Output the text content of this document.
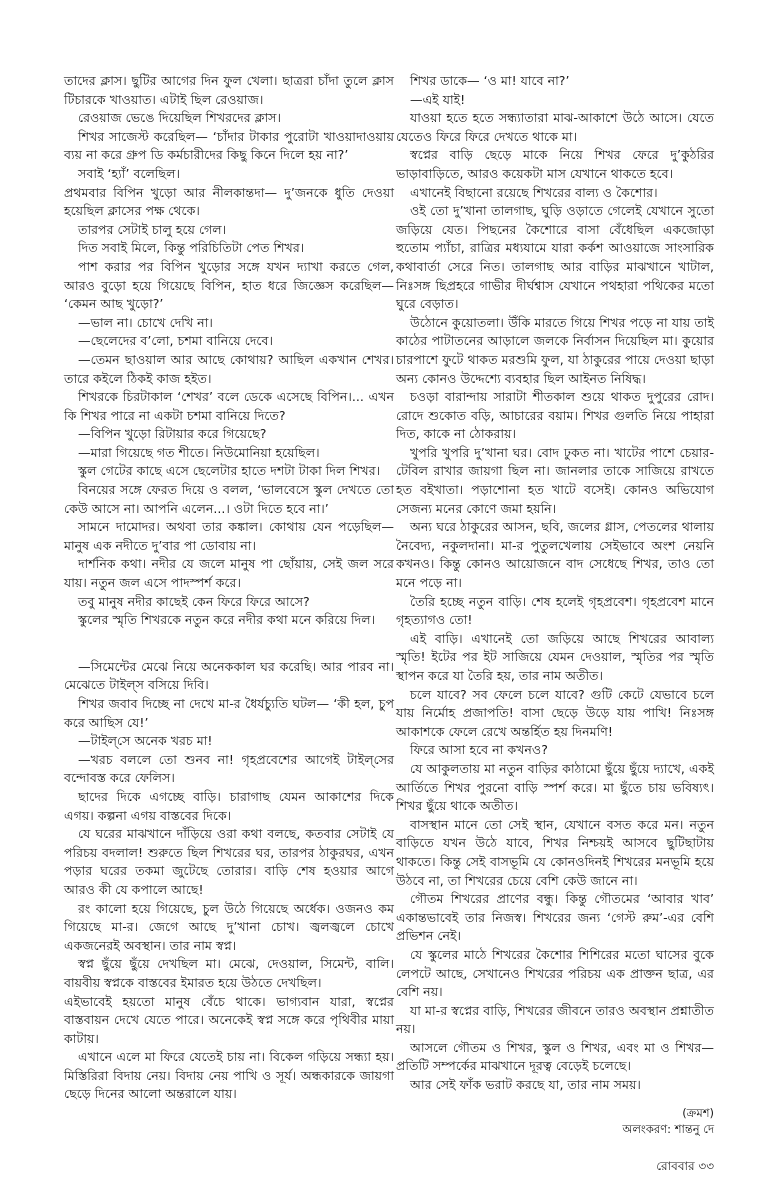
তাদের ক্লাস। ছুটির আগের দিন ফুল খেলা। ছাত্ররা চাঁদা তুলে ক্লাস টিচারকে খাওয়াত। এটাই ছিল রেওয়াজ।

রেওয়াজ ভেঙে দিয়েছিল শিখরদের ক্লাস।

শিখর সাজেস্ট করেছিল— ‘চাঁদার টাকার পুরোটা খাওয়াদাওয়ায় ব্যয় না করে গ্রুপ ডি কর্মচারীদের কিছু কিনে দিলে হয় না?’

সবাই ‘হ্যাঁ’ বলেছিল।

প্রথমবার বিপিন খুড়ো আর নীলকান্তদা— দু’জনকে ধুতি দেওয়া হয়েছিল ক্লাসের পক্ষ থেকে।

তারপর সেটাই চালু হয়ে গেল।

দিত সবাই মিলে, কিন্তু পরিচিতিটা পেত শিখর।

পাশ করার পর বিপিন খুড়োর সঙ্গে যখন দ্যাখা করতে গেল, আরও বুড়ো হয়ে গিয়েছে বিপিন, হাত ধরে জিজ্ঞেস করেছিল— ‘কেমন আছ খুড়ো?’

—ভাল না। চোখে দেখি না।

—ছেলেদের ব’লো, চশমা বানিয়ে দেবে।

—তেমন ছাওয়াল আর আছে কোথায়? আছিল একখান শেখর। তারে কইলে ঠিকই কাজ হইত।

শিখরকে চিরটাকাল ‘শেখর’ বলে ডেকে এসেছে বিপিন।... এখন কি শিখর পারে না একটা চশমা বানিয়ে দিতে?

—বিপিন খুড়ো রিটায়ার করে গিয়েছে?

—মারা গিয়েছে গত শীতে। নিউমোনিয়া হয়েছিল।

স্কুল গেটের কাছে এসে ছেলেটার হাতে দশটা টাকা দিল শিখর।

বিনয়ের সঙ্গে ফেরত দিয়ে ও বলল, ‘ভালবেসে স্কুল দেখতে তো কেউ আসে না। আপনি এলেন...। ওটা দিতে হবে না।’

সামনে দামোদর। অথবা তার কঙ্কাল। কোথায় যেন পড়েছিল— মানুষ এক নদীতে দু’বার পা ডোবায় না।

দার্শনিক কথা। নদীর যে জলে মানুষ পা ছোঁয়ায়, সেই জল সরে যায়। নতুন জল এসে পাদস্পর্শ করে।

তবু মানুষ নদীর কাছেই কেন ফিরে ফিরে আসে?

স্কুলের স্মৃতি শিখরকে নতুন করে নদীর কথা মনে করিয়ে দিল।

—সিমেন্টের মেঝে নিয়ে অনেককাল ঘর করেছি। আর পারব না। মেঝেতে টাইল্‌স বসিয়ে দিবি।

শিখর জবাব দিচ্ছে না দেখে মা-র ধৈর্যচ্যুতি ঘটল— ‘কী হল, চুপ করে আছিস যে!’

—টাইল্‌সে অনেক খরচ মা!

—খরচ বললে তো শুনব না! গৃহপ্রবেশের আগেই টাইল্‌সের বন্দোবস্ত করে ফেলিস।

ছাদের দিকে এগচ্ছে বাড়ি। চারাগাছ যেমন আকাশের দিকে এগয়। কল্পনা এগয় বাস্তবের দিকে।

যে ঘরের মাঝখানে দাঁড়িয়ে ওরা কথা বলছে, কতবার সেটাই যে পরিচয় বদলাল! শুরুতে ছিল শিখরের ঘর, তারপর ঠাকুরঘর, এখন পড়ার ঘরের তকমা জুটেছে তোরার। বাড়ি শেষ হওয়ার আগে আরও কী যে কপালে আছে!

রং কালো হয়ে গিয়েছে, চুল উঠে গিয়েছে অর্ধেক। ওজনও কম গিয়েছে মা-র। জেগে আছে দু’খানা চোখ। জ্বলজ্বলে চোখে একজনেরই অবস্থান। তার নাম স্বপ্ন।

স্বপ্ন ছুঁয়ে ছুঁয়ে দেখছিল মা। মেঝে, দেওয়াল, সিমেন্ট, বালি। বায়বীয় স্বপ্নকে বাস্তবের ইমারত হয়ে উঠতে দেখছিল।

এইভাবেই হয়তো মানুষ বেঁচে থাকে। ভাগ্যবান যারা, স্বপ্নের বাস্তবায়ন দেখে যেতে পারে। অনেকেই স্বপ্ন সঙ্গে করে পৃথিবীর মায়া কাটায়।

এখানে এলে মা ফিরে যেতেই চায় না। বিকেল গড়িয়ে সন্ধ্যা হয়। মিস্তিরিরা বিদায় নেয়। বিদায় নেয় পাখি ও সূর্য। অন্ধকারকে জায়গা ছেড়ে দিনের আলো অন্তরালে যায়।

শিখর ডাকে— ‘ও মা! যাবে না?’

—এই যাই!

যাওয়া হতে হতে সন্ধ্যাতারা মাঝ-আকাশে উঠে আসে। যেতে যেতেও ফিরে ফিরে দেখতে থাকে মা।

স্বপ্নের বাড়ি ছেড়ে মাকে নিয়ে শিখর ফেরে দু’কুঠরির ভাড়াবাড়িতে, আরও কয়েকটা মাস যেখানে থাকতে হবে।

এখানেই বিছানো রয়েছে শিখরের বাল্য ও কৈশোর।

ওই তো দু’খানা তালগাছ, ঘুড়ি ওড়াতে গেলেই যেখানে সুতো জড়িয়ে যেত। পিছনের কৈশোরে বাসা বেঁধেছিল একজোড়া হুতোম প্যাঁচা, রাত্রির মধ্যযামে যারা কর্কশ আওয়াজে সাংসারিক কথাবার্তা সেরে নিত। তালগাছ আর বাড়ির মাঝখানে খাটাল, নিঃসঙ্গ ছিপ্রহরে গাভীর দীর্ঘশ্বাস যেখানে পথহারা পথিকের মতো ঘুরে বেড়াত।

উঠোনে কুয়োতলা। উঁকি মারতে গিয়ে শিখর পড়ে না যায় তাই কাঠের পাটাতনের আড়ালে জলকে নির্বাসন দিয়েছিল মা। কুয়োর চারপাশে ফুটে থাকত মরশুমি ফুল, যা ঠাকুরের পায়ে দেওয়া ছাড়া অন্য কোনও উদ্দেশ্যে ব্যবহার ছিল আইনত নিষিদ্ধ।

চওড়া বারান্দায় সারাটা শীতকাল শুয়ে থাকত দুপুরের রোদ। রোদে শুকোত বড়ি, আচারের বয়াম। শিখর গুলতি নিয়ে পাহারা দিত, কাকে না ঠোকরায়।

খুপরি খুপরি দু’খানা ঘর। বোদ ঢুকত না। খাটের পাশে চেয়ার-টেবিল রাখার জায়গা ছিল না। জানলার তাকে সাজিয়ে রাখতে হত বইখাতা। পড়াশোনা হত খাটে বসেই। কোনও অভিযোগ সেজন্য মনের কোণে জমা হয়নি।

অন্য ঘরে ঠাকুরের আসন, ছবি, জলের গ্লাস, পেতলের থালায় নৈবেদ্য, নকুলদানা। মা-র পুতুলখেলায় সেইভাবে অংশ নেয়নি কখনও। কিন্তু কোনও আয়োজনে বাদ সেধেছে শিখর, তাও তো মনে পড়ে না।

তৈরি হচ্ছে নতুন বাড়ি। শেষ হলেই গৃহপ্রবেশ। গৃহপ্রবেশ মানে গৃহত্যাগও তো!

এই বাড়ি। এখানেই তো জড়িয়ে আছে শিখরের আবাল্য স্মৃতি! ইটের পর ইট সাজিয়ে যেমন দেওয়াল, স্মৃতির পর স্মৃতি স্থাপন করে যা তৈরি হয়, তার নাম অতীত।

চলে যাবে? সব ফেলে চলে যাবে? গুটি কেটে যেভাবে চলে যায় নির্মোহ প্রজাপতি! বাসা ছেড়ে উড়ে যায় পাখি! নিঃসঙ্গ আকাশকে ফেলে রেখে অন্তর্হিত হয় দিনমণি!

ফিরে আসা হবে না কখনও?

যে আকুলতায় মা নতুন বাড়ির কাঠামো ছুঁয়ে ছুঁয়ে দ্যাখে, একই আর্তিতে শিখর পুরনো বাড়ি স্পর্শ করে। মা ছুঁতে চায় ভবিষ্যৎ। শিখর ছুঁয়ে থাকে অতীত।

বাসস্থান মানে তো সেই স্থান, যেখানে বসত করে মন। নতুন বাড়িতে যখন উঠে যাবে, শিখর নিশ্চয়ই আসবে ছুটিছাটায় থাকতে। কিন্তু সেই বাসভূমি যে কোনওদিনই শিখরের মনভূমি হয়ে উঠবে না, তা শিখরের চেয়ে বেশি কেউ জানে না।

গৌতম শিখরের প্রাণের বন্ধু। কিন্তু গৌতমের ‘আবার খাব’ একান্তভাবেই তার নিজস্ব। শিখরের জন্য ‘গেস্ট রুম’-এর বেশি প্রভিশন নেই।

যে স্কুলের মাঠে শিখরের কৈশোর শিশিরের মতো ঘাসের বুকে লেপটে আছে, সেখানেও শিখরের পরিচয় এক প্রাক্তন ছাত্র, এর বেশি নয়।

যা মা-র স্বপ্নের বাড়ি, শিখরের জীবনে তারও অবস্থান প্রশ্নাতীত নয়।

আসলে গৌতম ও শিখর, স্কুল ও শিখর, এবং মা ও শিখর— প্রতিটি সম্পর্কের মাঝখানে দূরত্ব বেড়েই চলেছে।

আর সেই ফাঁক ভরাট করছে যা, তার নাম সময়।

(ক্রমশ)
অলংকরণ: শান্তনু দে
রোববার ৩৩
